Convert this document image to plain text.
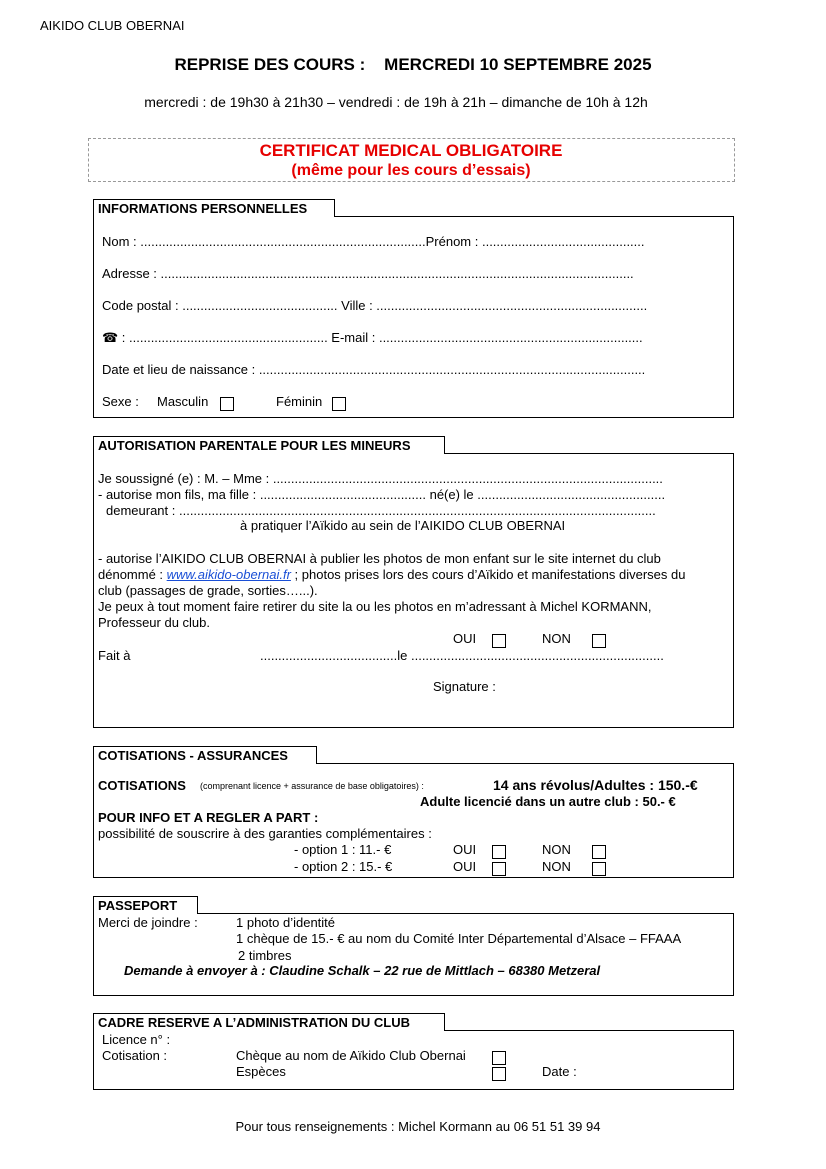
AIKIDO CLUB OBERNAI
REPRISE DES COURS :    MERCREDI 10 SEPTEMBRE 2025
mercredi : de 19h30 à 21h30 – vendredi : de 19h à 21h – dimanche de 10h à 12h
CERTIFICAT MEDICAL OBLIGATOIRE
(même pour les cours d’essais)
INFORMATIONS PERSONNELLES
Nom : ...............................................................................Prénom : .............................................
Adresse : ...................................................................................................................................
Code postal : ........................................... Ville : ...........................................................................
☎ : ....................................................... E-mail : .........................................................................
Date et lieu de naissance : ...........................................................................................................
Sexe : Masculin	Féminin
AUTORISATION PARENTALE POUR LES MINEURS
Je soussigné (e) : M. – Mme : ............................................................................................................
- autorise mon fils, ma fille : .............................................. né(e) le ....................................................
demeurant : ....................................................................................................................................
à pratiquer l’Aïkido au sein de l’AIKIDO CLUB OBERNAI
- autorise l’AIKIDO CLUB OBERNAI à publier les photos de mon enfant sur le site internet du club
dénommé : www.aikido-obernai.fr ; photos prises lors des cours d’Aïkido et manifestations diverses du
club (passages de grade, sorties…...).
Je peux à tout moment faire retirer du site la ou les photos en m’adressant à Michel KORMANN,
Professeur du club.
OUI	NON
Fait à	......................................le ......................................................................
Signature :
COTISATIONS - ASSURANCES
COTISATIONS (comprenant licence + assurance de base obligatoires) :	14 ans révolus/Adultes : 150.-€
Adulte licencié dans un autre club : 50.- €
POUR INFO ET A REGLER A PART :
possibilité de souscrire à des garanties complémentaires :
- option 1 : 11.- €	OUI	NON
- option 2 : 15.- €	OUI	NON
PASSEPORT
Merci de joindre :	1 photo d’identité
1 chèque de 15.- € au nom du Comité Inter Départemental d’Alsace – FFAAA
2 timbres
Demande à envoyer à : Claudine Schalk – 22 rue de Mittlach – 68380 Metzeral
CADRE RESERVE A L’ADMINISTRATION DU CLUB
Licence n° :
Cotisation :	Chèque au nom de Aïkido Club Obernai
Espèces	Date :
Pour tous renseignements : Michel Kormann au 06 51 51 39 94
